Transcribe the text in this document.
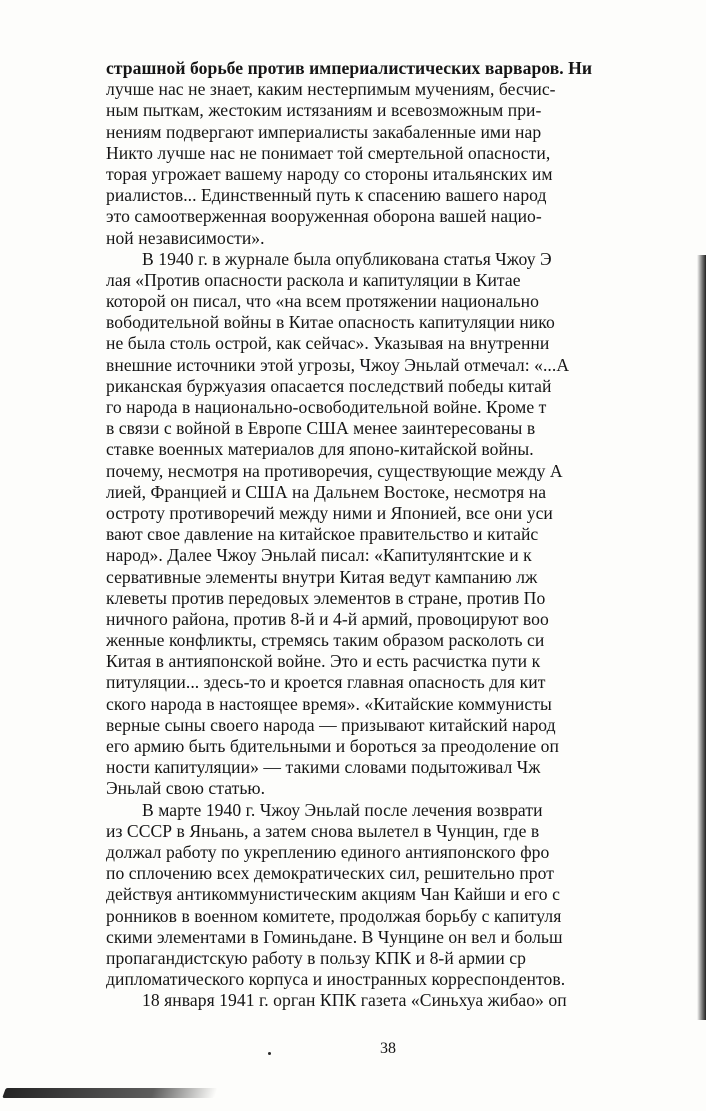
страшной борьбе против империалистических варваров. Ни
лучше нас не знает, каким нестерпимым мучениям, бесчис-
ным пыткам, жестоким истязаниям и всевозможным при-
нениям подвергают империалисты закабаленные ими нар
Никто лучше нас не понимает той смертельной опасности,
торая угрожает вашему народу со стороны итальянских им
риалистов... Единственный путь к спасению вашего народ
это самоотверженная вооруженная оборона вашей нацио-
ной независимости».
В 1940 г. в журнале была опубликована статья Чжоу Э
лая «Против опасности раскола и капитуляции в Китае
которой он писал, что «на всем протяжении национально
вободительной войны в Китае опасность капитуляции нико
не была столь острой, как сейчас». Указывая на внутренни
внешние источники этой угрозы, Чжоу Эньлай отмечал: «...А
риканская буржуазия опасается последствий победы китай
го народа в национально-освободительной войне. Кроме т
в связи с войной в Европе США менее заинтересованы в
ставке военных материалов для японо-китайской войны.
почему, несмотря на противоречия, существующие между А
лией, Францией и США на Дальнем Востоке, несмотря на
остроту противоречий между ними и Японией, все они уси
вают свое давление на китайское правительство и китайс
народ». Далее Чжоу Эньлай писал: «Капитулянтские и к
сервативные элементы внутри Китая ведут кампанию лж
клеветы против передовых элементов в стране, против По
ничного района, против 8-й и 4-й армий, провоцируют воо
женные конфликты, стремясь таким образом расколоть си
Китая в антияпонской войне. Это и есть расчистка пути к
питуляции... здесь-то и кроется главная опасность для кит
ского народа в настоящее время». «Китайские коммунисты
верные сыны своего народа — призывают китайский народ
его армию быть бдительными и бороться за преодоление оп
ности капитуляции» — такими словами подытоживал Чж
Эньлай свою статью.
В марте 1940 г. Чжоу Эньлай после лечения возврати
из СССР в Яньань, а затем снова вылетел в Чунцин, где в
должал работу по укреплению единого антияпонского фро
по сплочению всех демократических сил, решительно прот
действуя антикоммунистическим акциям Чан Кайши и его с
ронников в военном комитете, продолжая борьбу с капитуля
скими элементами в Гоминьдане. В Чунцине он вел и больш
пропагандистскую работу в пользу КПК и 8-й армии ср
дипломатического корпуса и иностранных корреспондентов.
18 января 1941 г. орган КПК газета «Синьхуа жибао» оп
38
